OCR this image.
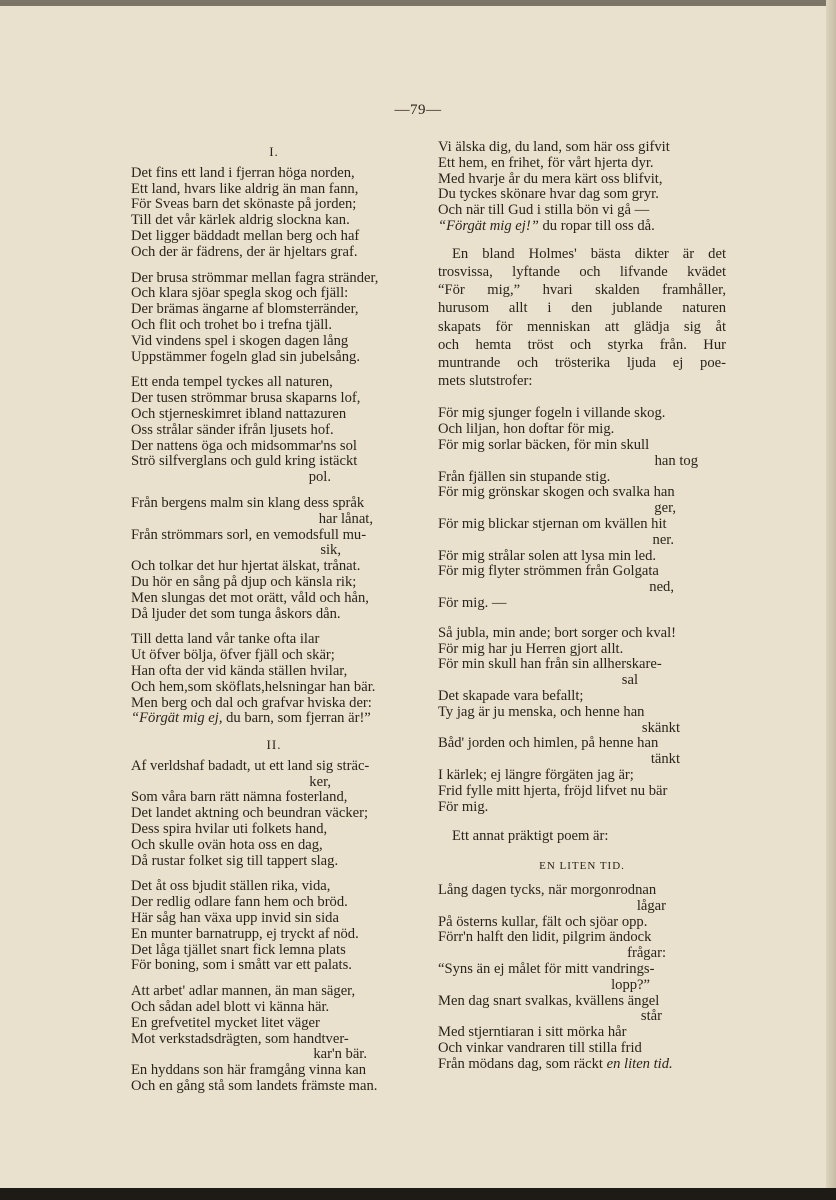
—79—
I.
Det fins ett land i fjerran höga norden,
Ett land, hvars like aldrig än man fann,
För Sveas barn det skönaste på jorden;
Till det vår kärlek aldrig slockna kan.
Det ligger bäddadt mellan berg och haf
Och der är fädrens, der är hjeltars graf.
Der brusa strömmar mellan fagra stränder,
Och klara sjöar spegla skog och fjäll:
Der brämas ängarne af blomsterränder,
Och flit och trohet bo i trefna tjäll.
Vid vindens spel i skogen dagen lång
Uppstämmer fogeln glad sin jubelsång.
Ett enda tempel tyckes all naturen,
Der tusen strömmar brusa skaparns lof,
Och stjerneskimret ibland nattazuren
Oss strålar sänder ifrån ljusets hof.
Der nattens öga och midsommar'ns sol
Strö silfverglans och guld kring istäckt
pol.
Från bergens malm sin klang dess språk
har lånat,
Från strömmars sorl, en vemodsfull mu-
sik,
Och tolkar det hur hjertat älskat, trånat.
Du hör en sång på djup och känsla rik;
Men slungas det mot orätt, våld och hån,
Då ljuder det som tunga åskors dån.
Till detta land vår tanke ofta ilar
Ut öfver bölja, öfver fjäll och skär;
Han ofta der vid kända ställen hvilar,
Och hem,som sköflats,helsningar han bär.
Men berg och dal och grafvar hviska der:
“Förgät mig ej, du barn, som fjerran är!”
II.
Af verldshaf badadt, ut ett land sig sträc-
ker,
Som våra barn rätt nämna fosterland,
Det landet aktning och beundran väcker;
Dess spira hvilar uti folkets hand,
Och skulle ovän hota oss en dag,
Då rustar folket sig till tappert slag.
Det åt oss bjudit ställen rika, vida,
Der redlig odlare fann hem och bröd.
Här såg han växa upp invid sin sida
En munter barnatrupp, ej tryckt af nöd.
Det låga tjället snart fick lemna plats
För boning, som i smått var ett palats.
Att arbet' adlar mannen, än man säger,
Och sådan adel blott vi känna här.
En grefvetitel mycket litet väger
Mot verkstadsdrägten, som handtver-
kar'n bär.
En hyddans son här framgång vinna kan
Och en gång stå som landets främste man.
Vi älska dig, du land, som här oss gifvit
Ett hem, en frihet, för vårt hjerta dyr.
Med hvarje år du mera kärt oss blifvit,
Du tyckes skönare hvar dag som gryr.
Och när till Gud i stilla bön vi gå —
“Förgät mig ej!” du ropar till oss då.
En bland Holmes' bästa dikter är det
trosvissa, lyftande och lifvande kvädet
“För mig,” hvari skalden framhåller,
hurusom allt i den jublande naturen
skapats för menniskan att glädja sig åt
och hemta tröst och styrka från. Hur
muntrande och trösterika ljuda ej poe-
mets slutstrofer:
För mig sjunger fogeln i villande skog.
Och liljan, hon doftar för mig.
För mig sorlar bäcken, för min skull
han tog
Från fjällen sin stupande stig.
För mig grönskar skogen och svalka han
ger,
För mig blickar stjernan om kvällen hit
ner.
För mig strålar solen att lysa min led.
För mig flyter strömmen från Golgata
ned,
För mig. —
Så jubla, min ande; bort sorger och kval!
För mig har ju Herren gjort allt.
För min skull han från sin allherskare-
sal
Det skapade vara befallt;
Ty jag är ju menska, och henne han
skänkt
Båd' jorden och himlen, på henne han
tänkt
I kärlek; ej längre förgäten jag är;
Frid fylle mitt hjerta, fröjd lifvet nu bär
För mig.
Ett annat präktigt poem är:
EN LITEN TID.
Lång dagen tycks, när morgonrodnan
lågar
På österns kullar, fält och sjöar opp.
Förr'n halft den lidit, pilgrim ändock
frågar:
“Syns än ej målet för mitt vandrings-
lopp?”
Men dag snart svalkas, kvällens ängel
står
Med stjerntiaran i sitt mörka hår
Och vinkar vandraren till stilla frid
Från mödans dag, som räckt en liten tid.
